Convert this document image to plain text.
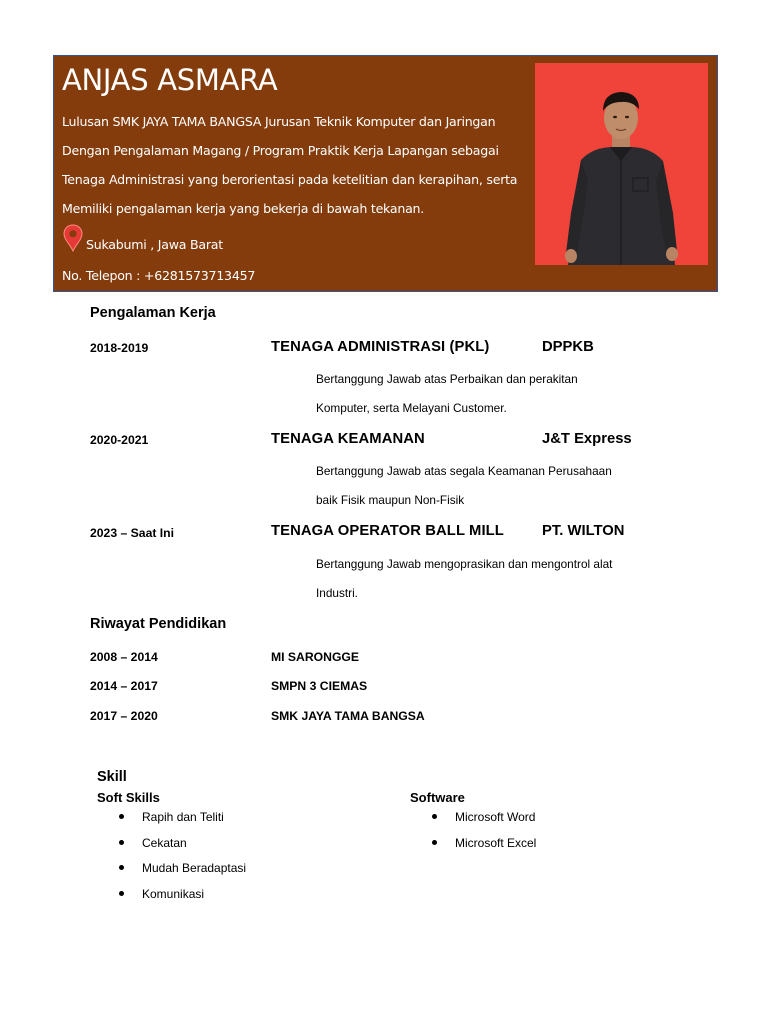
ANJAS ASMARA
Lulusan SMK JAYA TAMA BANGSA Jurusan Teknik Komputer dan Jaringan
Dengan Pengalaman Magang / Program Praktik Kerja Lapangan sebagai
Tenaga Administrasi yang berorientasi pada ketelitian dan kerapihan, serta
Memiliki pengalaman kerja yang bekerja di bawah tekanan.
Sukabumi , Jawa Barat
No. Telepon : +6281573713457
Pengalaman Kerja
2018-2019	TENAGA ADMINISTRASI (PKL)	DPPKB
Bertanggung Jawab atas Perbaikan dan perakitan
Komputer, serta Melayani Customer.
2020-2021	TENAGA KEAMANAN	J&T Express
Bertanggung Jawab atas segala Keamanan Perusahaan
baik Fisik maupun Non-Fisik
2023 – Saat Ini	TENAGA OPERATOR BALL MILL	PT. WILTON
Bertanggung Jawab mengoprasikan dan mengontrol alat
Industri.
Riwayat Pendidikan
2008 – 2014	MI SARONGGE
2014 – 2017	SMPN 3 CIEMAS
2017 – 2020	SMK JAYA TAMA BANGSA
Skill
Soft Skills
Rapih dan Teliti
Cekatan
Mudah Beradaptasi
Komunikasi
Software
Microsoft Word
Microsoft Excel
